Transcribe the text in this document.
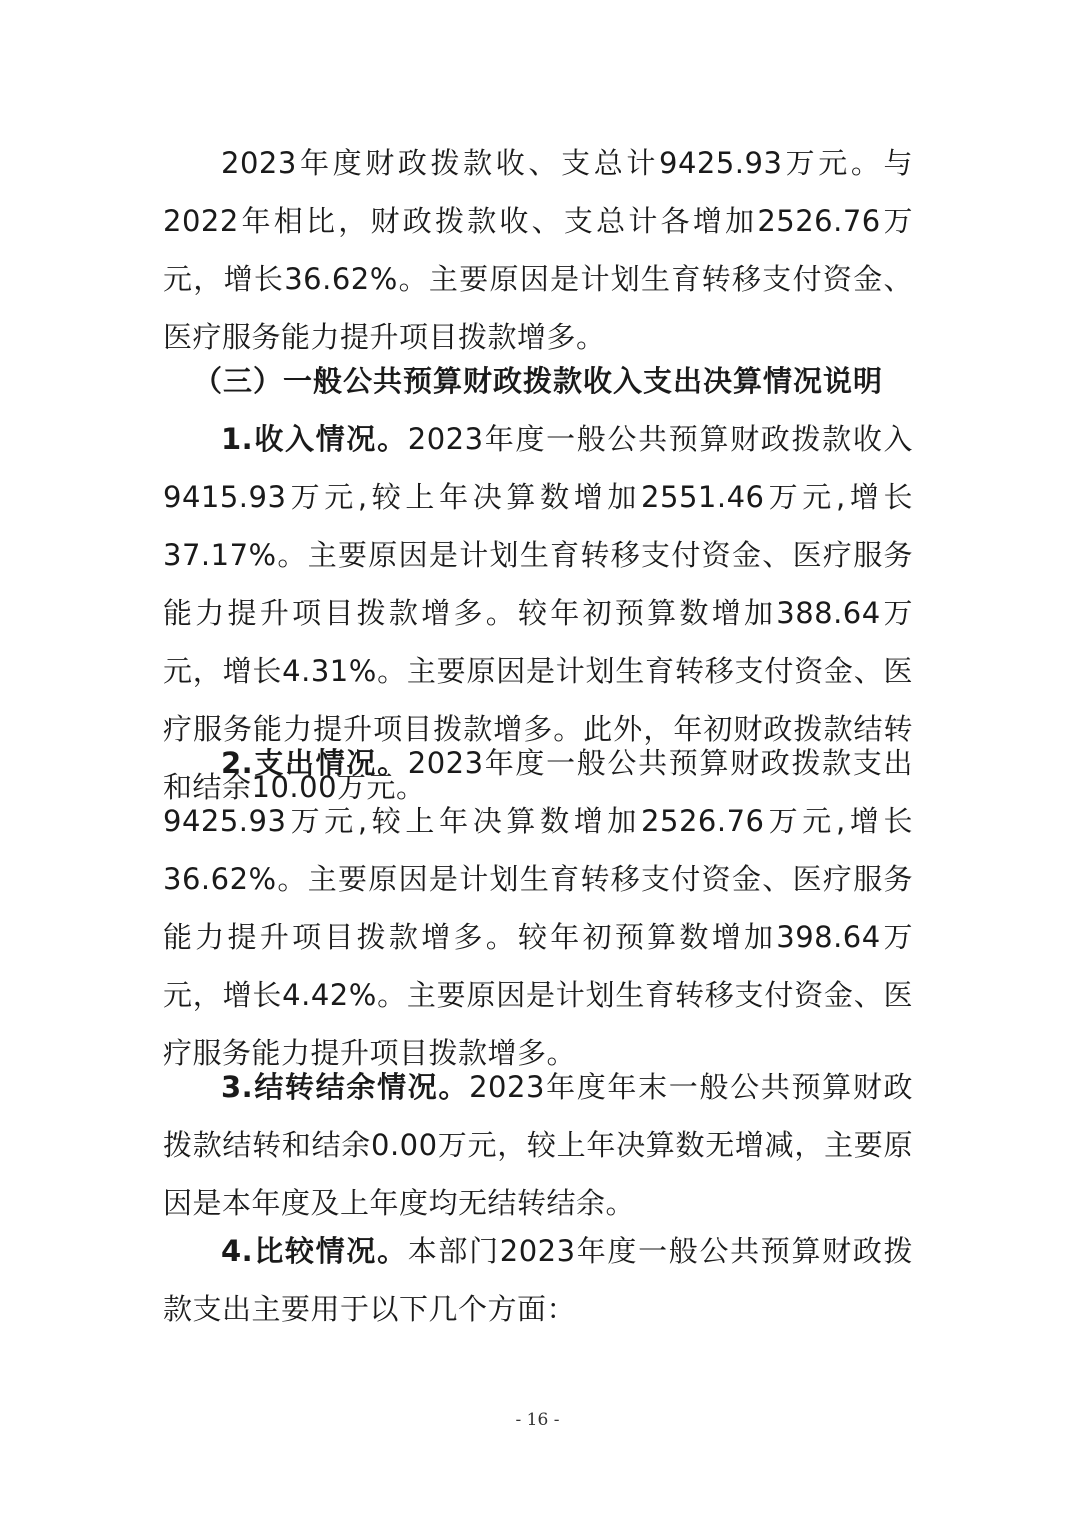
2023年度财政拨款收、支总计9425.93万元。与2022年相比，财政拨款收、支总计各增加2526.76万元，增长36.62%。主要原因是计划生育转移支付资金、医疗服务能力提升项目拨款增多。

（三）一般公共预算财政拨款收入支出决算情况说明

1.收入情况。2023年度一般公共预算财政拨款收入9415.93万元,较上年决算数增加2551.46万元,增长37.17%。主要原因是计划生育转移支付资金、医疗服务能力提升项目拨款增多。较年初预算数增加388.64万元，增长4.31%。主要原因是计划生育转移支付资金、医疗服务能力提升项目拨款增多。此外，年初财政拨款结转和结余10.00万元。

2.支出情况。2023年度一般公共预算财政拨款支出9425.93万元,较上年决算数增加2526.76万元,增长36.62%。主要原因是计划生育转移支付资金、医疗服务能力提升项目拨款增多。较年初预算数增加398.64万元，增长4.42%。主要原因是计划生育转移支付资金、医疗服务能力提升项目拨款增多。

3.结转结余情况。2023年度年末一般公共预算财政拨款结转和结余0.00万元，较上年决算数无增减，主要原因是本年度及上年度均无结转结余。

4.比较情况。本部门2023年度一般公共预算财政拨款支出主要用于以下几个方面：

- 16 -
